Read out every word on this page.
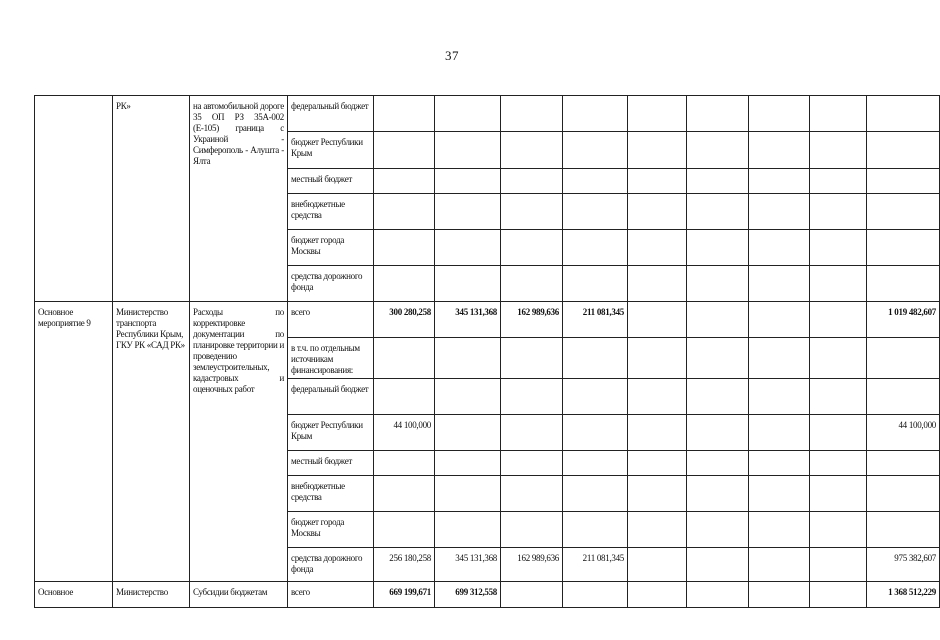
37
	РК»	на автомобильной дороге 35 ОП РЗ 35А-002 (Е-105) граница с Украиной - Симферополь - Алушта - Ялта	федеральный бюджет									
			бюджет Республики Крым									
			местный бюджет									
			внебюджетные средства									
			бюджет города Москвы									
			средства дорожного фонда									
Основное мероприятие 9	Министерство транспорта Республики Крым, ГКУ РК «САД РК»	Расходы по корректировке документации по планировке территории и проведению землеустроительных, кадастровых и оценочных работ	всего	300 280,258	345 131,368	162 989,636	211 081,345					1 019 482,607
			в т.ч. по отдельным источникам финансирования:									
			федеральный бюджет									
			бюджет Республики Крым	44 100,000								44 100,000
			местный бюджет									
			внебюджетные средства									
			бюджет города Москвы									
			средства дорожного фонда	256 180,258	345 131,368	162 989,636	211 081,345					975 382,607
Основное	Министерство	Субсидии бюджетам	всего	669 199,671	699 312,558							1 368 512,229
